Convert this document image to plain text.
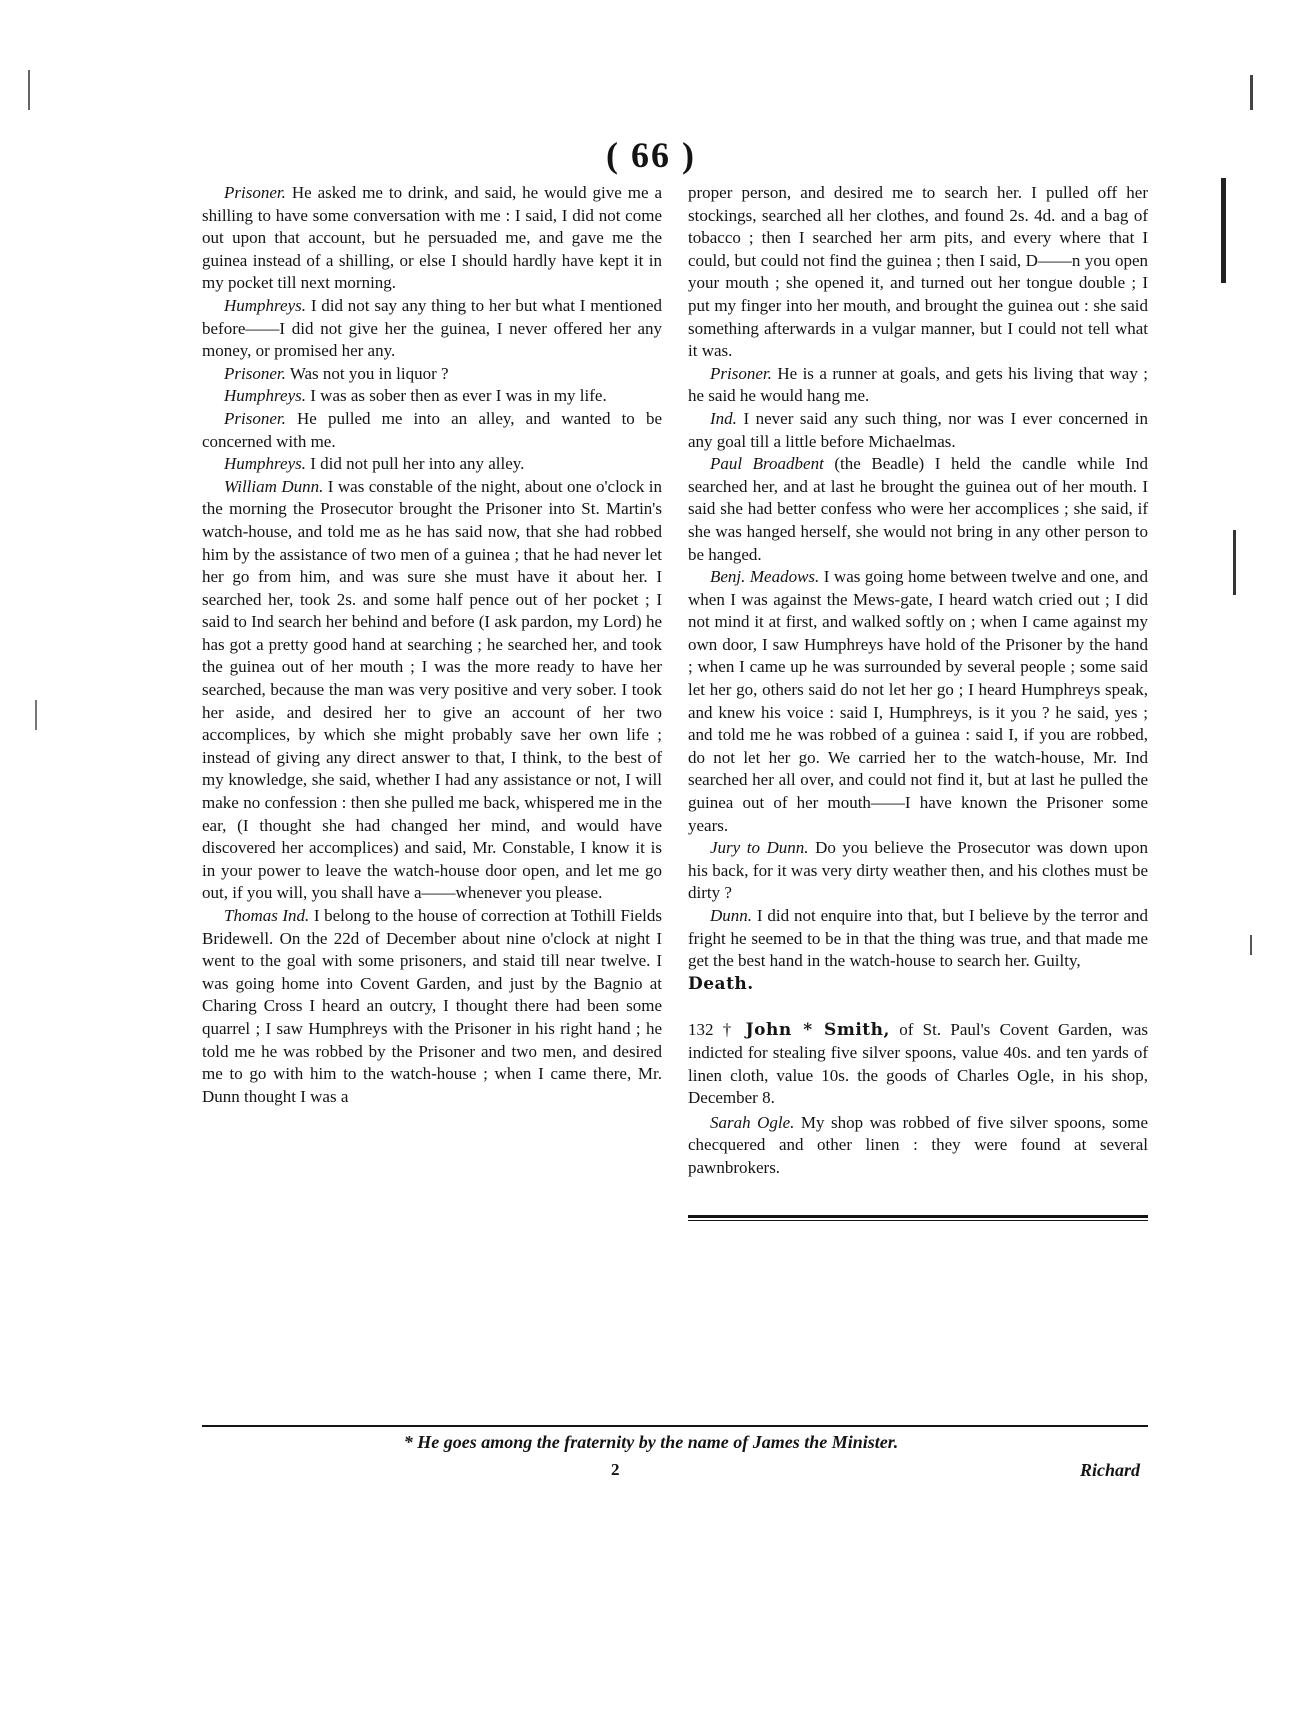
( 66 )

Prisoner. He asked me to drink, and said, he would give me a shilling to have some conversation with me : I said, I did not come out upon that account, but he persuaded me, and gave me the guinea instead of a shilling, or else I should hardly have kept it in my pocket till next morning.

Humphreys. I did not say any thing to her but what I mentioned before——I did not give her the guinea, I never offered her any money, or promised her any.

Prisoner. Was not you in liquor ?

Humphreys. I was as sober then as ever I was in my life.

Prisoner. He pulled me into an alley, and wanted to be concerned with me.

Humphreys. I did not pull her into any alley.

William Dunn. I was constable of the night, about one o'clock in the morning the Prosecutor brought the Prisoner into St. Martin's watch-house, and told me as he has said now, that she had robbed him by the assistance of two men of a guinea ; that he had never let her go from him, and was sure she must have it about her. I searched her, took 2s. and some half pence out of her pocket ; I said to Ind search her behind and before (I ask pardon, my Lord) he has got a pretty good hand at searching ; he searched her, and took the guinea out of her mouth ; I was the more ready to have her searched, because the man was very positive and very sober. I took her aside, and desired her to give an account of her two accomplices, by which she might probably save her own life ; instead of giving any direct answer to that, I think, to the best of my knowledge, she said, whether I had any assistance or not, I will make no confession : then she pulled me back, whispered me in the ear, (I thought she had changed her mind, and would have discovered her accomplices) and said, Mr. Constable, I know it is in your power to leave the watch-house door open, and let me go out, if you will, you shall have a——whenever you please.

Thomas Ind. I belong to the house of correction at Tothill Fields Bridewell. On the 22d of December about nine o'clock at night I went to the goal with some prisoners, and staid till near twelve. I was going home into Covent Garden, and just by the Bagnio at Charing Cross I heard an outcry, I thought there had been some quarrel ; I saw Humphreys with the Prisoner in his right hand ; he told me he was robbed by the Prisoner and two men, and desired me to go with him to the watch-house ; when I came there, Mr. Dunn thought I was a

proper person, and desired me to search her. I pulled off her stockings, searched all her clothes, and found 2s. 4d. and a bag of tobacco ; then I searched her arm pits, and every where that I could, but could not find the guinea ; then I said, D——n you open your mouth ; she opened it, and turned out her tongue double ; I put my finger into her mouth, and brought the guinea out : she said something afterwards in a vulgar manner, but I could not tell what it was.

Prisoner. He is a runner at goals, and gets his living that way ; he said he would hang me.

Ind. I never said any such thing, nor was I ever concerned in any goal till a little before Michaelmas.

Paul Broadbent (the Beadle) I held the candle while Ind searched her, and at last he brought the guinea out of her mouth. I said she had better confess who were her accomplices ; she said, if she was hanged herself, she would not bring in any other person to be hanged.

Benj. Meadows. I was going home between twelve and one, and when I was against the Mews-gate, I heard watch cried out ; I did not mind it at first, and walked softly on ; when I came against my own door, I saw Humphreys have hold of the Prisoner by the hand ; when I came up he was surrounded by several people ; some said let her go, others said do not let her go ; I heard Humphreys speak, and knew his voice : said I, Humphreys, is it you ? he said, yes ; and told me he was robbed of a guinea : said I, if you are robbed, do not let her go. We carried her to the watch-house, Mr. Ind searched her all over, and could not find it, but at last he pulled the guinea out of her mouth——I have known the Prisoner some years.

Jury to Dunn. Do you believe the Prosecutor was down upon his back, for it was very dirty weather then, and his clothes must be dirty ?

Dunn. I did not enquire into that, but I believe by the terror and fright he seemed to be in that the thing was true, and that made me get the best hand in the watch-house to search her. Guilty,

Death.

132 † John * Smith, of St. Paul's Covent Garden, was indicted for stealing five silver spoons, value 40s. and ten yards of linen cloth, value 10s. the goods of Charles Ogle, in his shop, December 8.

Sarah Ogle. My shop was robbed of five silver spoons, some checquered and other linen : they were found at several pawnbrokers.

* He goes among the fraternity by the name of James the Minister.
2	Richard
